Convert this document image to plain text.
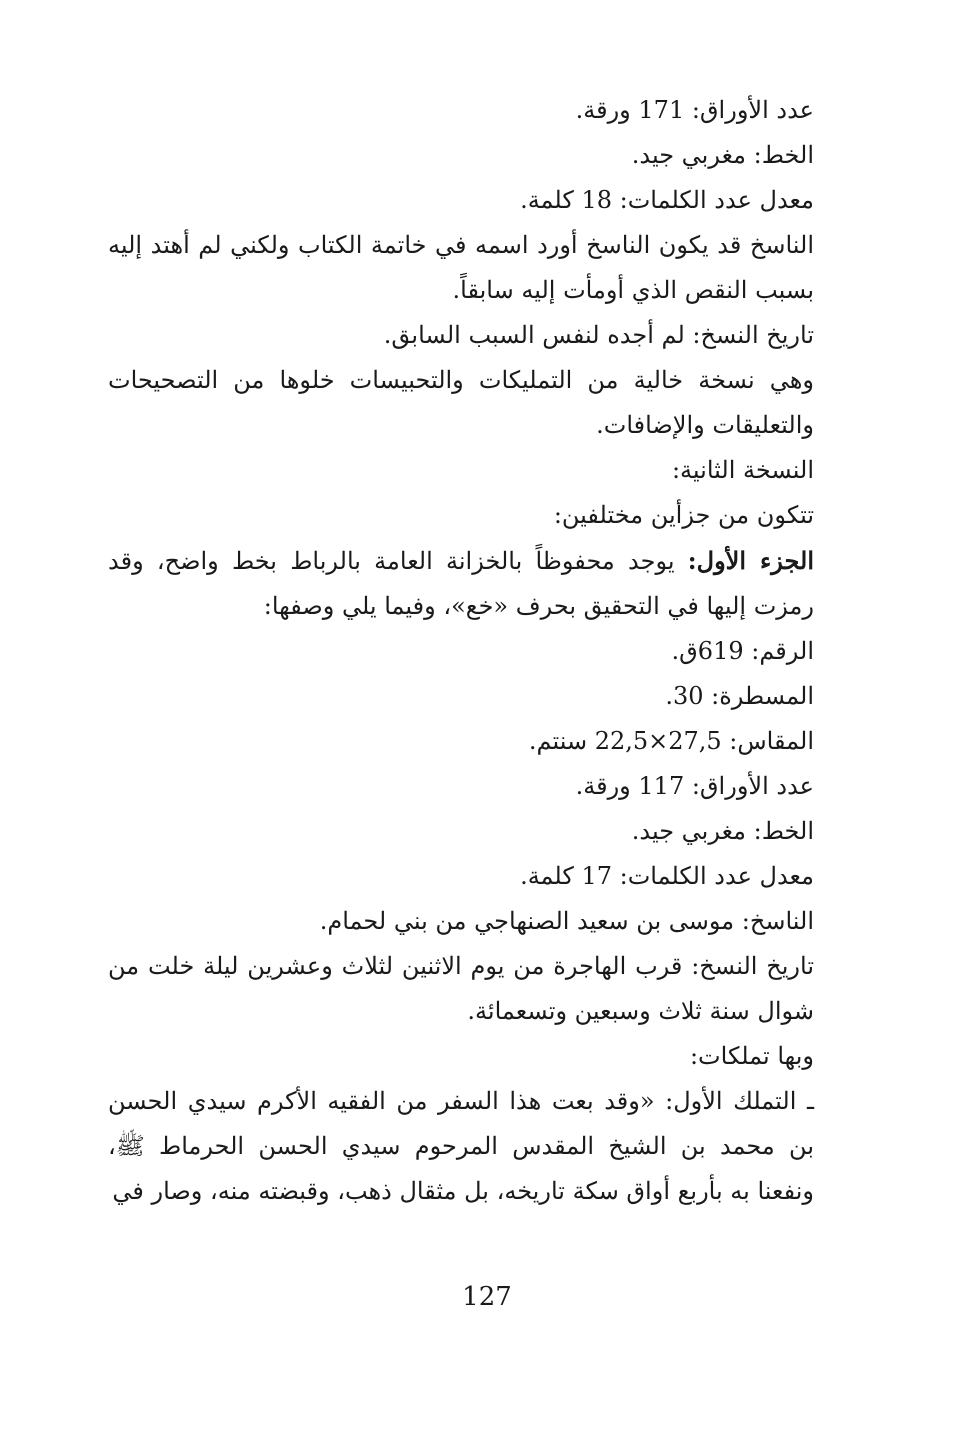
عدد الأوراق: 171 ورقة.

الخط: مغربي جيد.

معدل عدد الكلمات: 18 كلمة.

الناسخ قد يكون الناسخ أورد اسمه في خاتمة الكتاب ولكني لم أهتد إليه بسبب النقص الذي أومأت إليه سابقاً.

تاريخ النسخ: لم أجده لنفس السبب السابق.

وهي نسخة خالية من التمليكات والتحبيسات خلوها من التصحيحات والتعليقات والإضافات.

النسخة الثانية:

تتكون من جزأين مختلفين:

الجزء الأول: يوجد محفوظاً بالخزانة العامة بالرباط بخط واضح، وقد رمزت إليها في التحقيق بحرف «خع»، وفيما يلي وصفها:

الرقم: 619ق.

المسطرة: 30.

المقاس: 27,5×22,5 سنتم.

عدد الأوراق: 117 ورقة.

الخط: مغربي جيد.

معدل عدد الكلمات: 17 كلمة.

الناسخ: موسى بن سعيد الصنهاجي من بني لحمام.

تاريخ النسخ: قرب الهاجرة من يوم الاثنين لثلاث وعشرين ليلة خلت من شوال سنة ثلاث وسبعين وتسعمائة.

وبها تملكات:

ـ التملك الأول: «وقد بعت هذا السفر من الفقيه الأكرم سيدي الحسن بن محمد بن الشيخ المقدس المرحوم سيدي الحسن الحرماط ﷺ، ونفعنا به بأربع أواق سكة تاريخه، بل مثقال ذهب، وقبضته منه، وصار في

127
